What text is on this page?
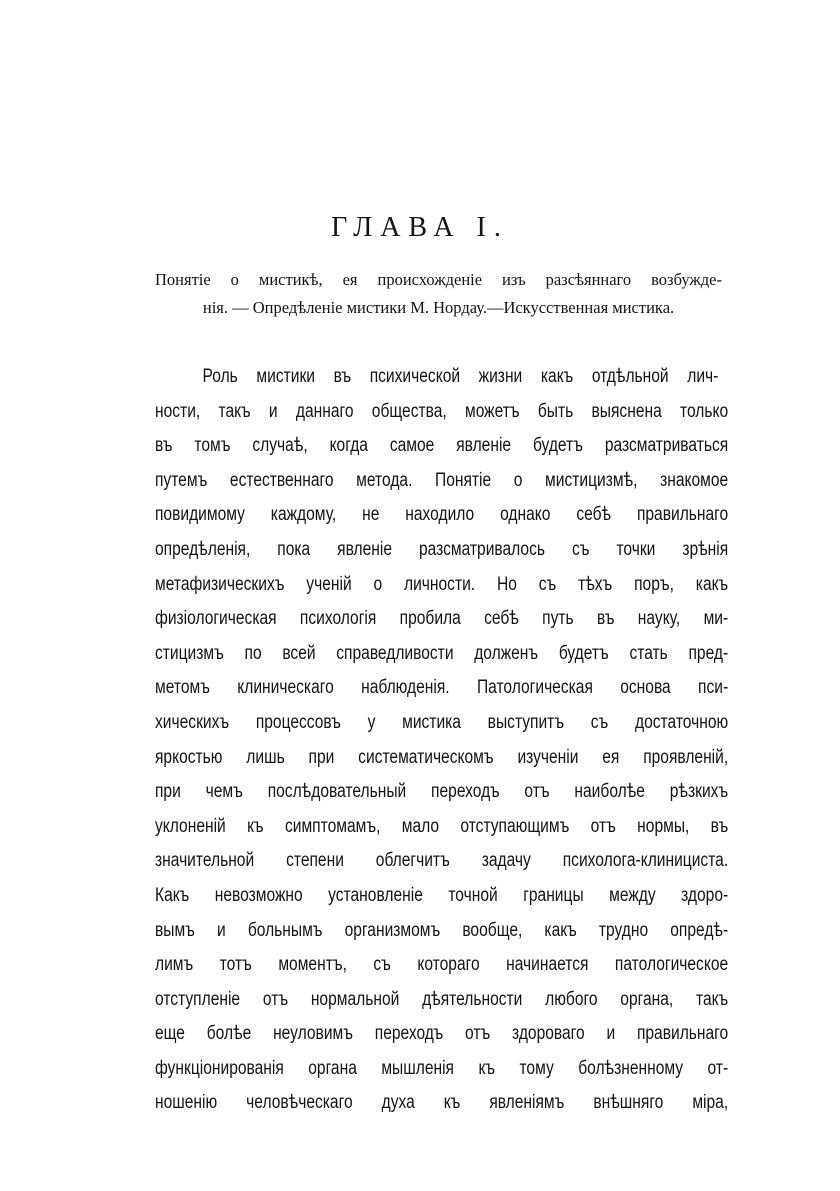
ГЛАВА I.
Понятіе о мистикѣ, ея происхожденіе изъ разсѣяннаго возбужде-
нія. — Опредѣленіе мистики М. Нордау.—Искусственная мистика.
Роль мистики въ психической жизни какъ отдѣльной лич-
ности, такъ и даннаго общества, можетъ быть выяснена только
въ томъ случаѣ, когда самое явленіе будетъ разсматриваться
путемъ естественнаго метода. Понятіе о мистицизмѣ, знакомое
повидимому каждому, не находило однако себѣ правильнаго
опредѣленія, пока явленіе разсматривалось съ точки зрѣнія
метафизическихъ ученій о личности. Но съ тѣхъ поръ, какъ
физіологическая психологія пробила себѣ путь въ науку, ми-
стицизмъ по всей справедливости долженъ будетъ стать пред-
метомъ клиническаго наблюденія. Патологическая основа пси-
хическихъ процессовъ у мистика выступитъ съ достаточною
яркостью лишь при систематическомъ изученіи ея проявленій,
при чемъ послѣдовательный переходъ отъ наиболѣе рѣзкихъ
уклоненій къ симптомамъ, мало отступающимъ отъ нормы, въ
значительной степени облегчитъ задачу психолога-клинициста.
Какъ невозможно установленіе точной границы между здоро-
вымъ и больнымъ организмомъ вообще, какъ трудно опредѣ-
лимъ тотъ моментъ, съ котораго начинается патологическое
отступленіе отъ нормальной дѣятельности любого органа, такъ
еще болѣе неуловимъ переходъ отъ здороваго и правильнаго
функціонированія органа мышленія къ тому болѣзненному от-
ношенію человѣческаго духа къ явленіямъ внѣшняго міра,
